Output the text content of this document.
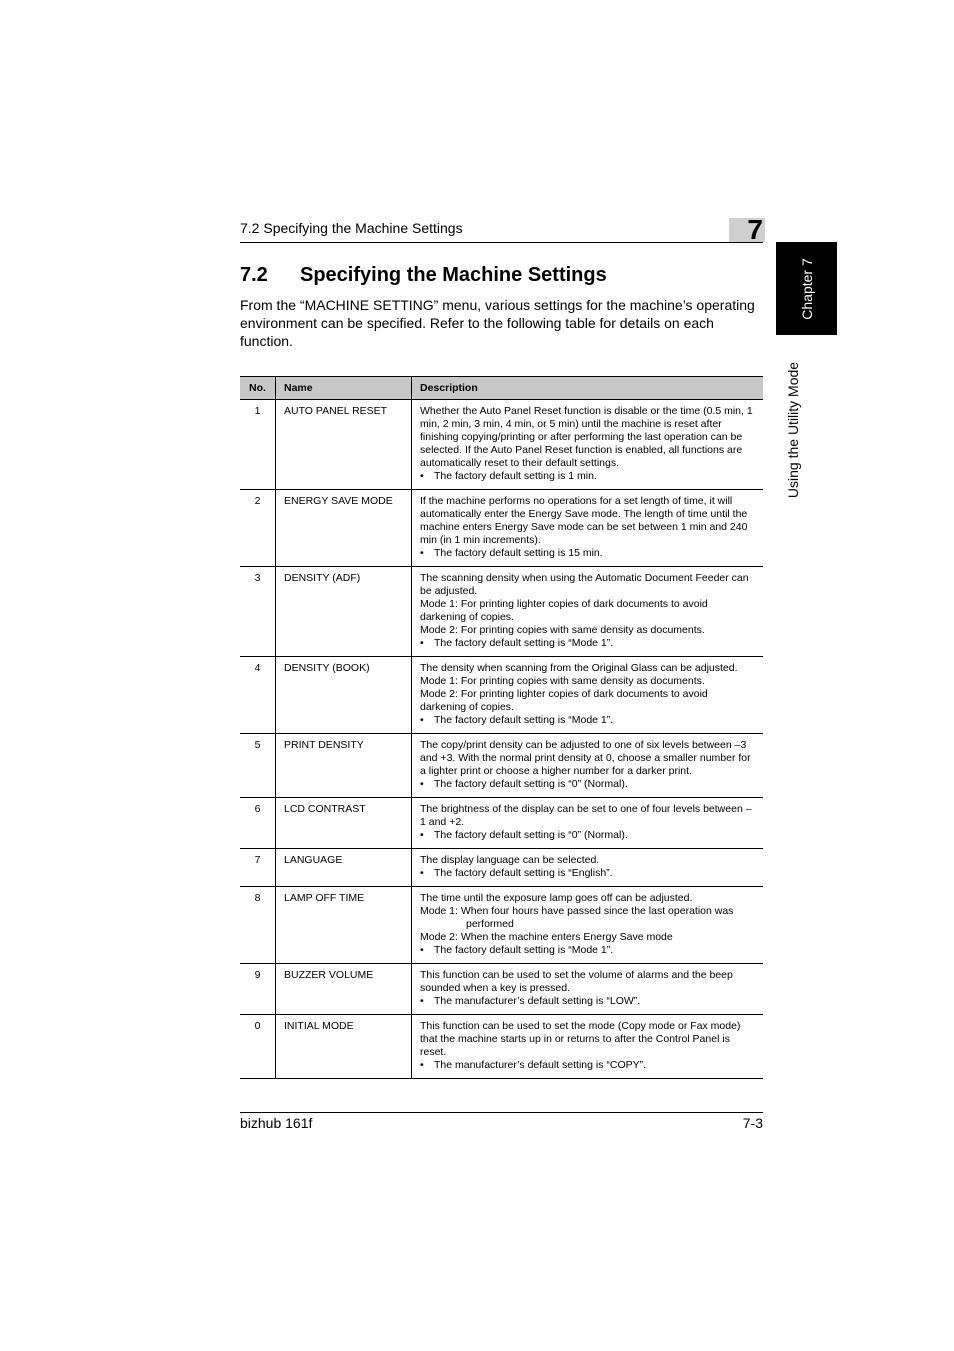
7.2 Specifying the Machine Settings	7
Chapter 7
Using the Utility Mode
7.2 Specifying the Machine Settings
From the “MACHINE SETTING” menu, various settings for the machine’s operating environment can be specified. Refer to the following table for details on each function.
No.	Name	Description
1	AUTO PANEL RESET	Whether the Auto Panel Reset function is disable or the time (0.5 min, 1 min, 2 min, 3 min, 4 min, or 5 min) until the machine is reset after finishing copying/printing or after performing the last operation can be selected. If the Auto Panel Reset function is enabled, all functions are automatically reset to their default settings.
• The factory default setting is 1 min.

2	ENERGY SAVE MODE	If the machine performs no operations for a set length of time, it will automatically enter the Energy Save mode. The length of time until the machine enters Energy Save mode can be set between 1 min and 240 min (in 1 min increments).
• The factory default setting is 15 min.

3	DENSITY (ADF)	The scanning density when using the Automatic Document Feeder can be adjusted.
Mode 1: For printing lighter copies of dark documents to avoid darkening of copies.
Mode 2: For printing copies with same density as documents.
• The factory default setting is “Mode 1”.

4	DENSITY (BOOK)	The density when scanning from the Original Glass can be adjusted.
Mode 1: For printing copies with same density as documents.
Mode 2: For printing lighter copies of dark documents to avoid darkening of copies.
• The factory default setting is “Mode 1”.

5	PRINT DENSITY	The copy/print density can be adjusted to one of six levels between –3 and +3. With the normal print density at 0, choose a smaller number for a lighter print or choose a higher number for a darker print.
• The factory default setting is “0” (Normal).

6	LCD CONTRAST	The brightness of the display can be set to one of four levels between –1 and +2.
• The factory default setting is “0” (Normal).

7	LANGUAGE	The display language can be selected.
• The factory default setting is “English”.

8	LAMP OFF TIME	The time until the exposure lamp goes off can be adjusted.
Mode 1: When four hours have passed since the last operation was performed
Mode 2: When the machine enters Energy Save mode
• The factory default setting is “Mode 1”.

9	BUZZER VOLUME	This function can be used to set the volume of alarms and the beep sounded when a key is pressed.
• The manufacturer’s default setting is “LOW”.

0	INITIAL MODE	This function can be used to set the mode (Copy mode or Fax mode) that the machine starts up in or returns to after the Control Panel is reset.
• The manufacturer’s default setting is “COPY”.
bizhub 161f	7-3
